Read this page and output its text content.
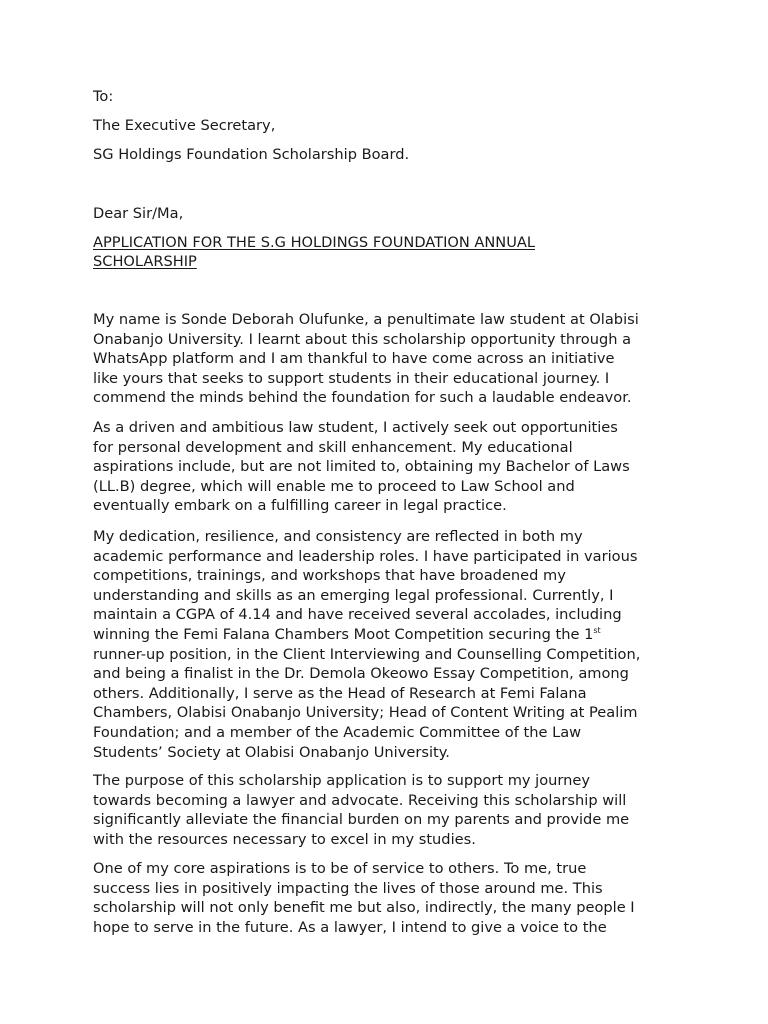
To:
The Executive Secretary,
SG Holdings Foundation Scholarship Board.
Dear Sir/Ma,
APPLICATION FOR THE S.G HOLDINGS FOUNDATION ANNUAL
SCHOLARSHIP
My name is Sonde Deborah Olufunke, a penultimate law student at Olabisi
Onabanjo University. I learnt about this scholarship opportunity through a
WhatsApp platform and I am thankful to have come across an initiative
like yours that seeks to support students in their educational journey. I
commend the minds behind the foundation for such a laudable endeavor.
As a driven and ambitious law student, I actively seek out opportunities
for personal development and skill enhancement. My educational
aspirations include, but are not limited to, obtaining my Bachelor of Laws
(LL.B) degree, which will enable me to proceed to Law School and
eventually embark on a fulfilling career in legal practice.
My dedication, resilience, and consistency are reflected in both my
academic performance and leadership roles. I have participated in various
competitions, trainings, and workshops that have broadened my
understanding and skills as an emerging legal professional. Currently, I
maintain a CGPA of 4.14 and have received several accolades, including
winning the Femi Falana Chambers Moot Competition securing the 1st
runner-up position, in the Client Interviewing and Counselling Competition,
and being a finalist in the Dr. Demola Okeowo Essay Competition, among
others. Additionally, I serve as the Head of Research at Femi Falana
Chambers, Olabisi Onabanjo University; Head of Content Writing at Pealim
Foundation; and a member of the Academic Committee of the Law
Students’ Society at Olabisi Onabanjo University.
The purpose of this scholarship application is to support my journey
towards becoming a lawyer and advocate. Receiving this scholarship will
significantly alleviate the financial burden on my parents and provide me
with the resources necessary to excel in my studies.
One of my core aspirations is to be of service to others. To me, true
success lies in positively impacting the lives of those around me. This
scholarship will not only benefit me but also, indirectly, the many people I
hope to serve in the future. As a lawyer, I intend to give a voice to the
